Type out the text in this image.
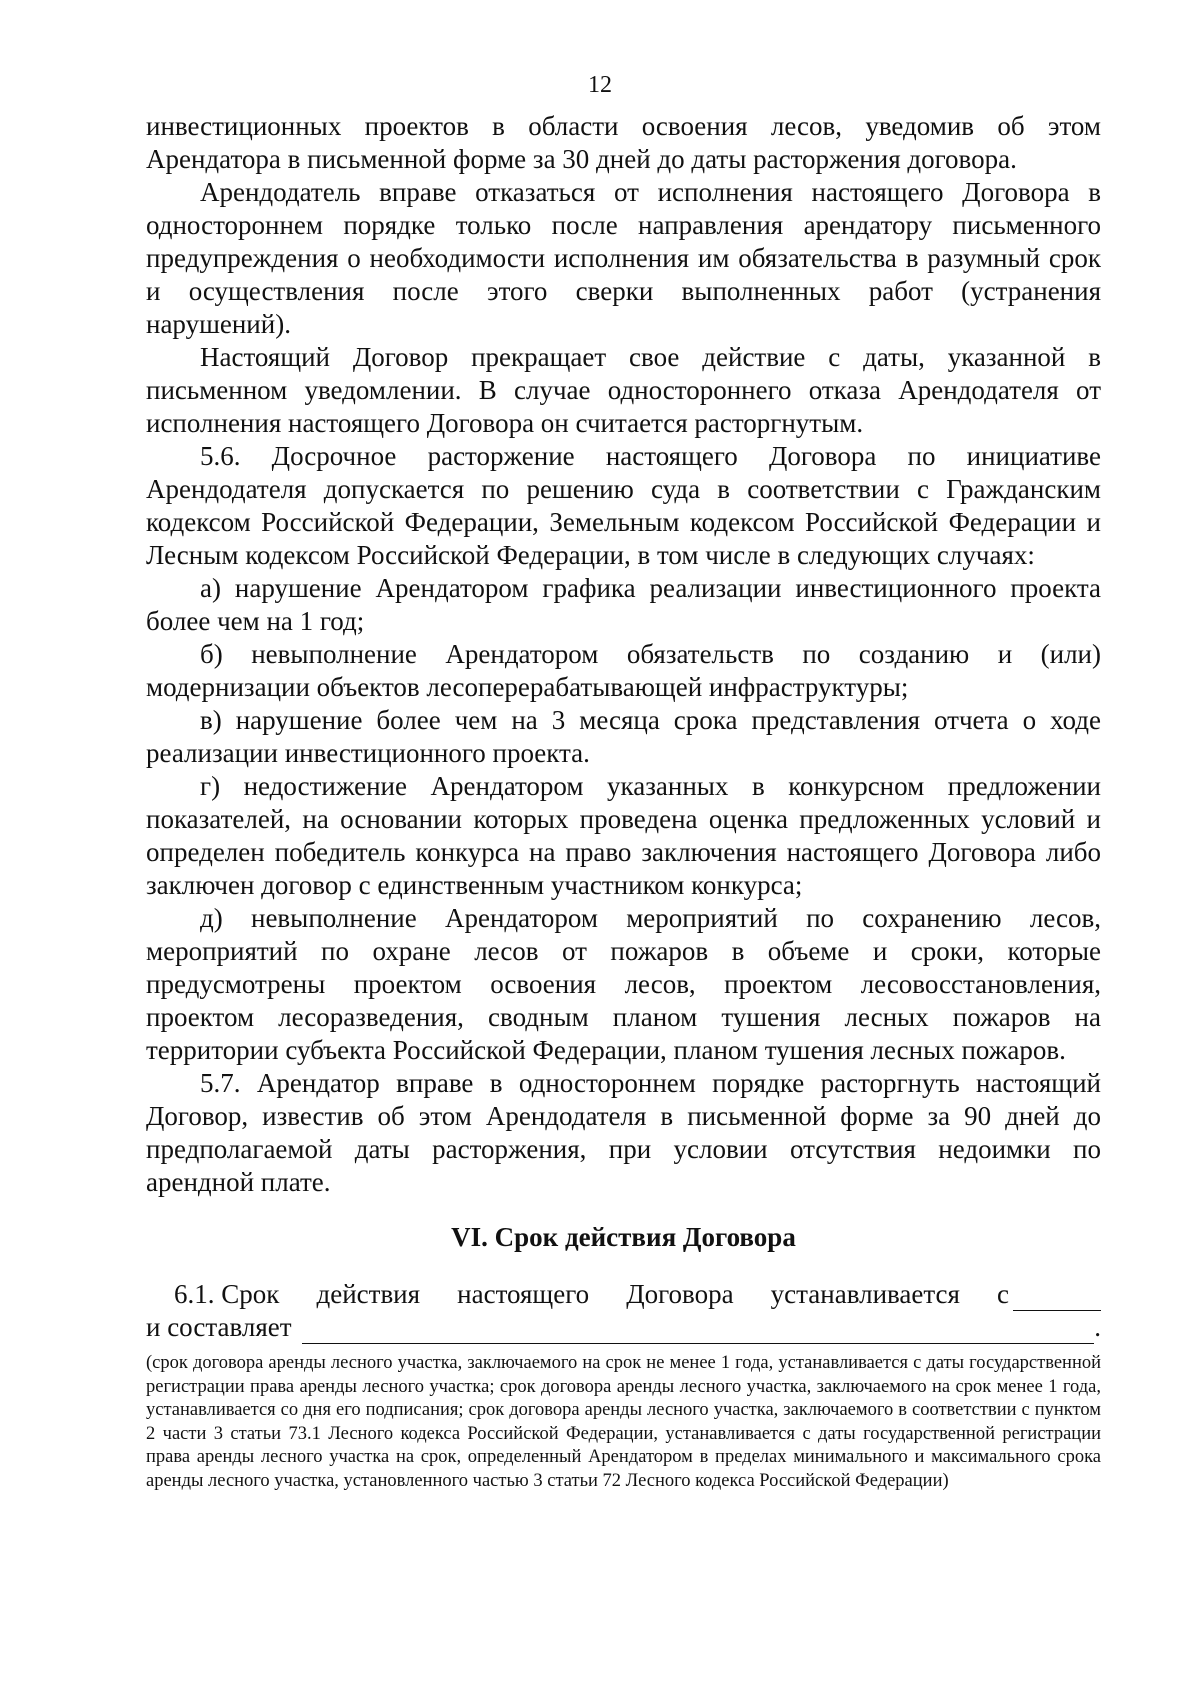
12

инвестиционных проектов в области освоения лесов, уведомив об этом Арендатора в письменной форме за 30 дней до даты расторжения договора.

Арендодатель вправе отказаться от исполнения настоящего Договора в одностороннем порядке только после направления арендатору письменного предупреждения о необходимости исполнения им обязательства в разумный срок и осуществления после этого сверки выполненных работ (устранения нарушений).

Настоящий Договор прекращает свое действие с даты, указанной в письменном уведомлении. В случае одностороннего отказа Арендодателя от исполнения настоящего Договора он считается расторгнутым.

5.6. Досрочное расторжение настоящего Договора по инициативе Арендодателя допускается по решению суда в соответствии с Гражданским кодексом Российской Федерации, Земельным кодексом Российской Федерации и Лесным кодексом Российской Федерации, в том числе в следующих случаях:

а) нарушение Арендатором графика реализации инвестиционного проекта более чем на 1 год;

б) невыполнение Арендатором обязательств по созданию и (или) модернизации объектов лесоперерабатывающей инфраструктуры;

в) нарушение более чем на 3 месяца срока представления отчета о ходе реализации инвестиционного проекта.

г) недостижение Арендатором указанных в конкурсном предложении показателей, на основании которых проведена оценка предложенных условий и определен победитель конкурса на право заключения настоящего Договора либо заключен договор с единственным участником конкурса;

д) невыполнение Арендатором мероприятий по сохранению лесов, мероприятий по охране лесов от пожаров в объеме и сроки, которые предусмотрены проектом освоения лесов, проектом лесовосстановления, проектом лесоразведения, сводным планом тушения лесных пожаров на территории субъекта Российской Федерации, планом тушения лесных пожаров.

5.7. Арендатор вправе в одностороннем порядке расторгнуть настоящий Договор, известив об этом Арендодателя в письменной форме за 90 дней до предполагаемой даты расторжения, при условии отсутствия недоимки по арендной плате.

VI. Срок действия Договора
6.1. Срок действия настоящего Договора устанавливается с
и составляет	.

(срок договора аренды лесного участка, заключаемого на срок не менее 1 года, устанавливается с даты государственной регистрации права аренды лесного участка; срок договора аренды лесного участка, заключаемого на срок менее 1 года, устанавливается со дня его подписания; срок договора аренды лесного участка, заключаемого в соответствии с пунктом 2 части 3 статьи 73.1 Лесного кодекса Российской Федерации, устанавливается с даты государственной регистрации права аренды лесного участка на срок, определенный Арендатором в пределах минимального и максимального срока аренды лесного участка, установленного частью 3 статьи 72 Лесного кодекса Российской Федерации)
